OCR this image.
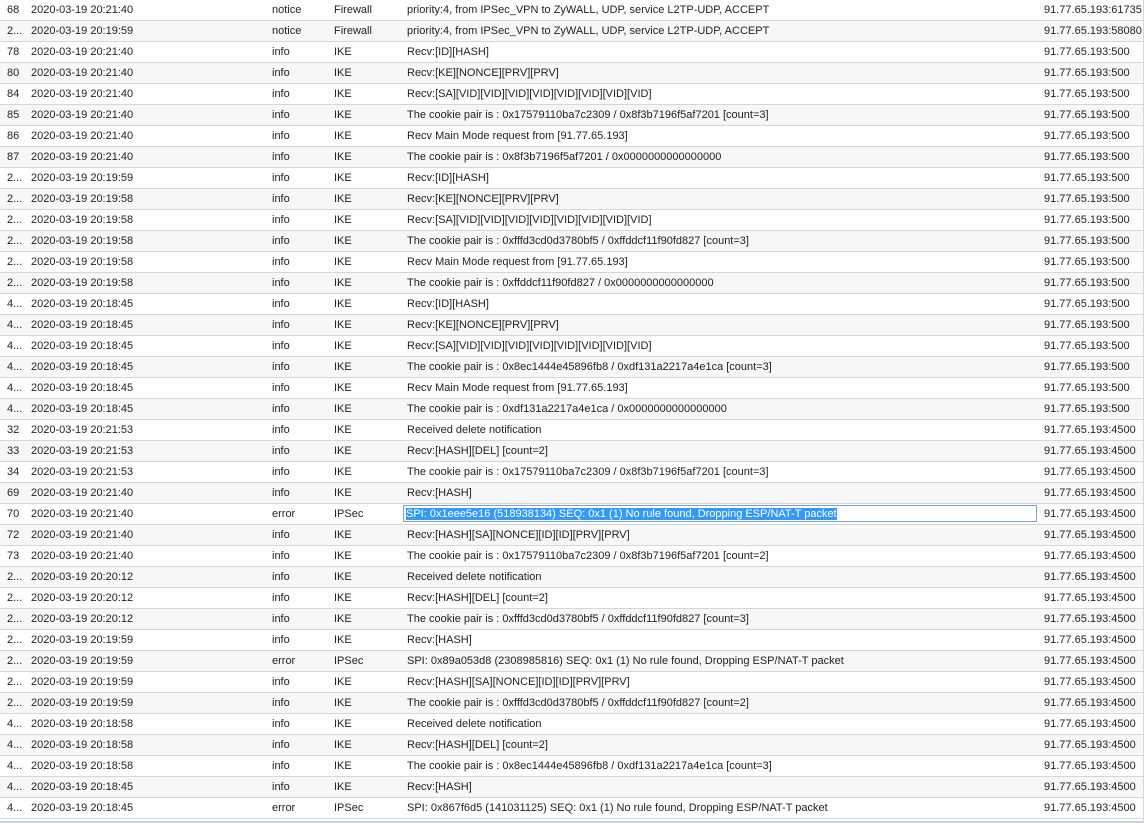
68	2020-03-19 20:21:40	notice	Firewall	priority:4, from IPSec_VPN to ZyWALL, UDP, service L2TP-UDP, ACCEPT	91.77.65.193:61735
2... 2020-03-19 20:19:59	notice	Firewall	priority:4, from IPSec_VPN to ZyWALL, UDP, service L2TP-UDP, ACCEPT	91.77.65.193:58080
78	2020-03-19 20:21:40	info	IKE	Recv:[ID][HASH]	91.77.65.193:500
80	2020-03-19 20:21:40	info	IKE	Recv:[KE][NONCE][PRV][PRV]	91.77.65.193:500
84	2020-03-19 20:21:40	info	IKE	Recv:[SA][VID][VID][VID][VID][VID][VID][VID][VID]	91.77.65.193:500
85	2020-03-19 20:21:40	info	IKE	The cookie pair is : 0x17579110ba7c2309 / 0x8f3b7196f5af7201 [count=3]	91.77.65.193:500
86	2020-03-19 20:21:40	info	IKE	Recv Main Mode request from [91.77.65.193]	91.77.65.193:500
87	2020-03-19 20:21:40	info	IKE	The cookie pair is : 0x8f3b7196f5af7201 / 0x0000000000000000	91.77.65.193:500
2... 2020-03-19 20:19:59	info	IKE	Recv:[ID][HASH]	91.77.65.193:500
2... 2020-03-19 20:19:58	info	IKE	Recv:[KE][NONCE][PRV][PRV]	91.77.65.193:500
2... 2020-03-19 20:19:58	info	IKE	Recv:[SA][VID][VID][VID][VID][VID][VID][VID][VID]	91.77.65.193:500
2... 2020-03-19 20:19:58	info	IKE	The cookie pair is : 0xfffd3cd0d3780bf5 / 0xffddcf11f90fd827 [count=3]	91.77.65.193:500
2... 2020-03-19 20:19:58	info	IKE	Recv Main Mode request from [91.77.65.193]	91.77.65.193:500
2... 2020-03-19 20:19:58	info	IKE	The cookie pair is : 0xffddcf11f90fd827 / 0x0000000000000000	91.77.65.193:500
4... 2020-03-19 20:18:45	info	IKE	Recv:[ID][HASH]	91.77.65.193:500
4... 2020-03-19 20:18:45	info	IKE	Recv:[KE][NONCE][PRV][PRV]	91.77.65.193:500
4... 2020-03-19 20:18:45	info	IKE	Recv:[SA][VID][VID][VID][VID][VID][VID][VID][VID]	91.77.65.193:500
4... 2020-03-19 20:18:45	info	IKE	The cookie pair is : 0x8ec1444e45896fb8 / 0xdf131a2217a4e1ca [count=3]	91.77.65.193:500
4... 2020-03-19 20:18:45	info	IKE	Recv Main Mode request from [91.77.65.193]	91.77.65.193:500
4... 2020-03-19 20:18:45	info	IKE	The cookie pair is : 0xdf131a2217a4e1ca / 0x0000000000000000	91.77.65.193:500
32	2020-03-19 20:21:53	info	IKE	Received delete notification	91.77.65.193:4500
33	2020-03-19 20:21:53	info	IKE	Recv:[HASH][DEL] [count=2]	91.77.65.193:4500
34	2020-03-19 20:21:53	info	IKE	The cookie pair is : 0x17579110ba7c2309 / 0x8f3b7196f5af7201 [count=3]	91.77.65.193:4500
69	2020-03-19 20:21:40	info	IKE	Recv:[HASH]	91.77.65.193:4500
70	2020-03-19 20:21:40	error	IPSec	SPI: 0x1eee5e16 (518938134) SEQ: 0x1 (1) No rule found, Dropping ESP/NAT-T packet	91.77.65.193:4500
72	2020-03-19 20:21:40	info	IKE	Recv:[HASH][SA][NONCE][ID][ID][PRV][PRV]	91.77.65.193:4500
73	2020-03-19 20:21:40	info	IKE	The cookie pair is : 0x17579110ba7c2309 / 0x8f3b7196f5af7201 [count=2]	91.77.65.193:4500
2... 2020-03-19 20:20:12	info	IKE	Received delete notification	91.77.65.193:4500
2... 2020-03-19 20:20:12	info	IKE	Recv:[HASH][DEL] [count=2]	91.77.65.193:4500
2... 2020-03-19 20:20:12	info	IKE	The cookie pair is : 0xfffd3cd0d3780bf5 / 0xffddcf11f90fd827 [count=3]	91.77.65.193:4500
2... 2020-03-19 20:19:59	info	IKE	Recv:[HASH]	91.77.65.193:4500
2... 2020-03-19 20:19:59	error	IPSec	SPI: 0x89a053d8 (2308985816) SEQ: 0x1 (1) No rule found, Dropping ESP/NAT-T packet	91.77.65.193:4500
2... 2020-03-19 20:19:59	info	IKE	Recv:[HASH][SA][NONCE][ID][ID][PRV][PRV]	91.77.65.193:4500
2... 2020-03-19 20:19:59	info	IKE	The cookie pair is : 0xfffd3cd0d3780bf5 / 0xffddcf11f90fd827 [count=2]	91.77.65.193:4500
4... 2020-03-19 20:18:58	info	IKE	Received delete notification	91.77.65.193:4500
4... 2020-03-19 20:18:58	info	IKE	Recv:[HASH][DEL] [count=2]	91.77.65.193:4500
4... 2020-03-19 20:18:58	info	IKE	The cookie pair is : 0x8ec1444e45896fb8 / 0xdf131a2217a4e1ca [count=3]	91.77.65.193:4500
4... 2020-03-19 20:18:45	info	IKE	Recv:[HASH]	91.77.65.193:4500
4... 2020-03-19 20:18:45	error	IPSec	SPI: 0x867f6d5 (141031125) SEQ: 0x1 (1) No rule found, Dropping ESP/NAT-T packet	91.77.65.193:4500
